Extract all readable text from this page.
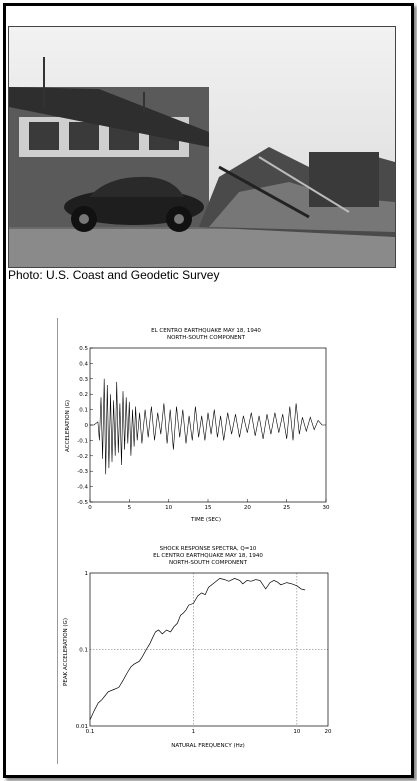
Photo: U.S. Coast and Geodetic Survey
EL CENTRO EARTHQUAKE MAY 18, 1940
NORTH-SOUTH COMPONENT
TIME (SEC)
ACCELERATION (G)
0	5	10	15	20	25	30
-0.5
-0.4
-0.3
-0.2
-0.1
0
0.1
0.2
0.3
0.4
0.5
SHOCK RESPONSE SPECTRA, Q=10
EL CENTRO EARTHQUAKE MAY 18, 1940
NORTH-SOUTH COMPONENT
NATURAL FREQUENCY (Hz)
PEAK ACCELERATION (G)
0.1	1	10	20
0.01
0.1
1
